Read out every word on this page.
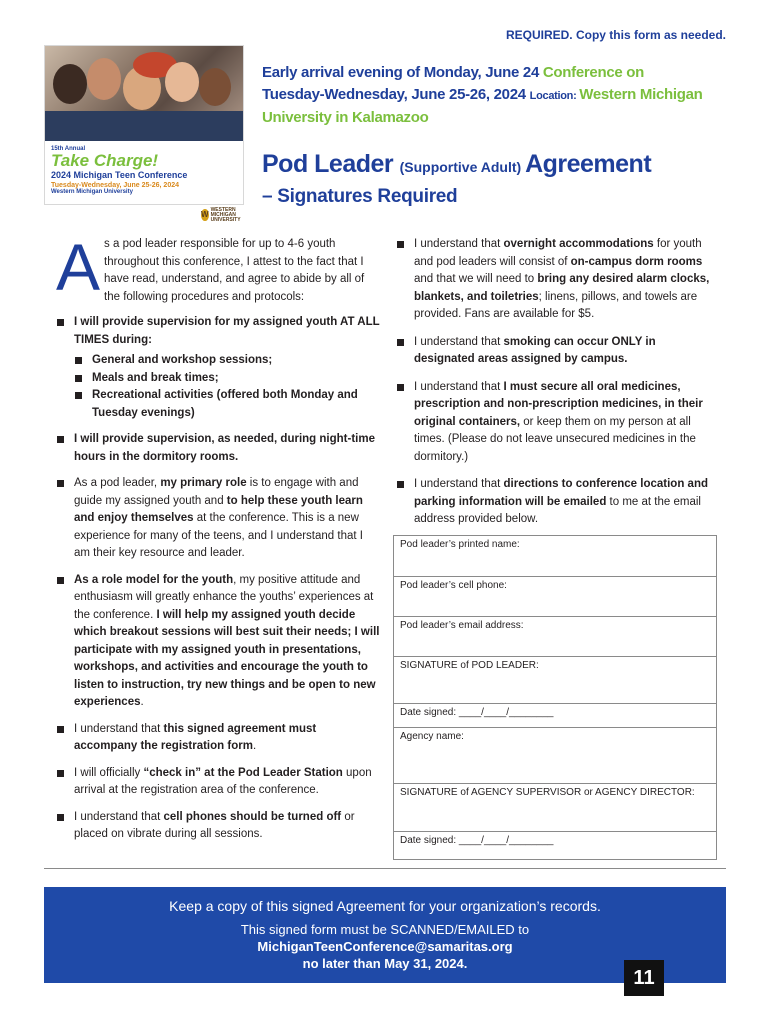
REQUIRED. Copy this form as needed.
15th Annual
Take Charge!
2024 Michigan Teen Conference
Tuesday-Wednesday, June 25-26, 2024
Western Michigan University
W
WESTERN MICHIGAN UNIVERSITY
Early arrival evening of Monday, June 24 Conference on
Tuesday-Wednesday, June 25-26, 2024 Location: Western Michigan University in Kalamazoo
Pod Leader (Supportive Adult) Agreement
– Signatures Required
As a pod leader responsible for up to 4-6 youth throughout this conference, I attest to the fact that I have read, understand, and agree to abide by all of the following procedures and protocols:
I will provide supervision for my assigned youth AT ALL TIMES during:
General and workshop sessions;
Meals and break times;
Recreational activities (offered both Monday and Tuesday evenings)
I will provide supervision, as needed, during night-time hours in the dormitory rooms.
As a pod leader, my primary role is to engage with and guide my assigned youth and to help these youth learn and enjoy themselves at the conference. This is a new experience for many of the teens, and I understand that I am their key resource and leader.
As a role model for the youth, my positive attitude and enthusiasm will greatly enhance the youths’ experiences at the conference. I will help my assigned youth decide which breakout sessions will best suit their needs; I will participate with my assigned youth in presentations, workshops, and activities and encourage the youth to listen to instruction, try new things and be open to new experiences.
I understand that this signed agreement must accompany the registration form.
I will officially “check in” at the Pod Leader Station upon arrival at the registration area of the conference.
I understand that cell phones should be turned off or placed on vibrate during all sessions.
I understand that overnight accommodations for youth and pod leaders will consist of on-campus dorm rooms and that we will need to bring any desired alarm clocks, blankets, and toiletries; linens, pillows, and towels are provided. Fans are available for $5.
I understand that smoking can occur ONLY in designated areas assigned by campus.
I understand that I must secure all oral medicines, prescription and non-prescription medicines, in their original containers, or keep them on my person at all times. (Please do not leave unsecured medicines in the dormitory.)
I understand that directions to conference location and parking information will be emailed to me at the email address provided below.
Pod leader’s printed name:
Pod leader’s cell phone:
Pod leader’s email address:
SIGNATURE of POD LEADER:
Date signed: ____/____/________
Agency name:
SIGNATURE of AGENCY SUPERVISOR or AGENCY DIRECTOR:
Date signed: ____/____/________
Keep a copy of this signed Agreement for your organization’s records.
This signed form must be SCANNED/EMAILED to
MichiganTeenConference@samaritas.org
no later than May 31, 2024.
11
